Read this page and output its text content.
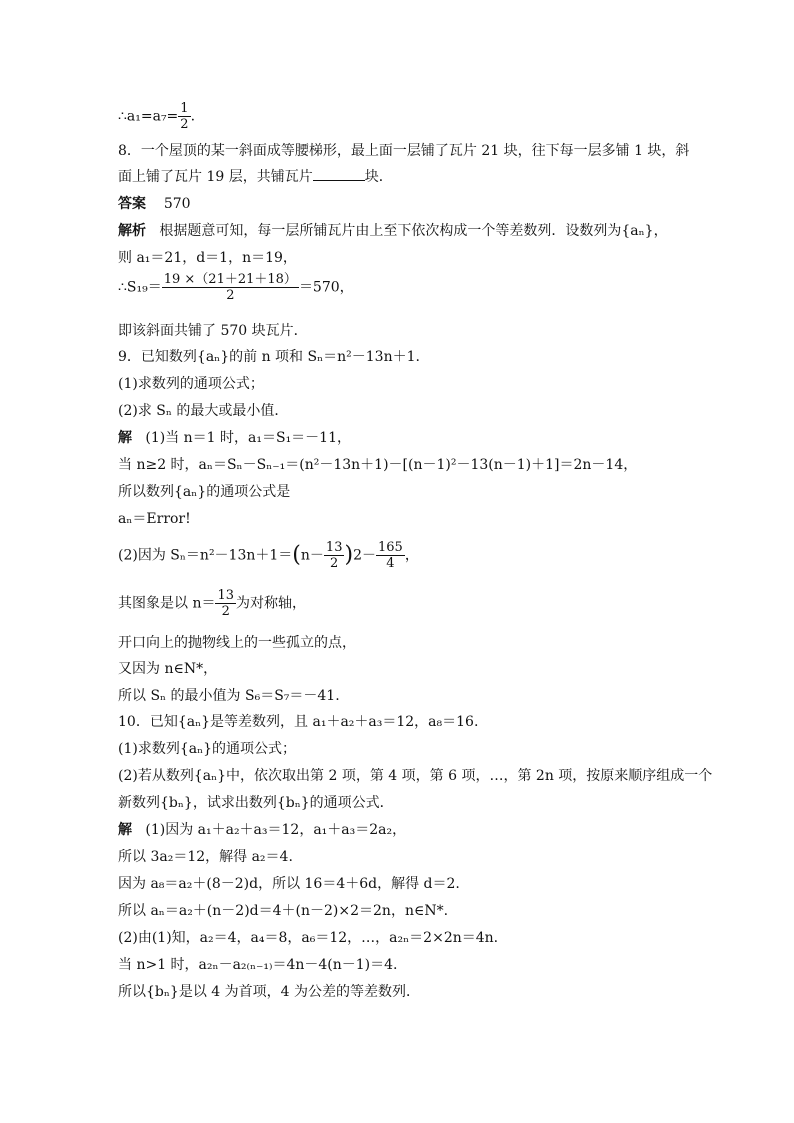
∴a₁=a₇= $\frac{1}{2}$ .
8．一个屋顶的某一斜面成等腰梯形，最上面一层铺了瓦片 21 块，往下每一层多铺 1 块，斜
面上铺了瓦片 19 层，共铺瓦片	块．
答案 570
解析 根据题意可知，每一层所铺瓦片由上至下依次构成一个等差数列．设数列为{aₙ}，
则 a₁＝21，d＝1，n＝19，
∴S₁₉＝ $\frac{19 \times(21+21+18)}{2} =570$，
即该斜面共铺了 570 块瓦片．
9．已知数列{aₙ}的前 n 项和 Sₙ＝n²－13n＋1.
(1)求数列的通项公式；
(2)求 Sₙ 的最大或最小值．
解 (1)当 n＝1 时，a₁＝S₁＝－11，
当 n≥2 时，aₙ＝Sₙ－Sₙ₋₁＝(n²－13n＋1)－[(n－1)²－13(n－1)＋1]＝2n－14，
所以数列{aₙ}的通项公式是
aₙ＝Error!
(2)因为 $S_n=n^2-13n+1=(n- \frac{13}{2} )2- \frac{165}{4}$ ，
其图象是以 $n= \frac{13}{2}$ 为对称轴，
开口向上的抛物线上的一些孤立的点，
又因为 n∈N*，
所以 Sₙ 的最小值为 S₆＝S₇＝－41.
10．已知{aₙ}是等差数列，且 a₁＋a₂＋a₃＝12，a₈＝16.
(1)求数列{aₙ}的通项公式；
(2)若从数列{aₙ}中，依次取出第 2 项，第 4 项，第 6 项，…，第 2n 项，按原来顺序组成一个
新数列{bₙ}，试求出数列{bₙ}的通项公式．
解 (1)因为 a₁＋a₂＋a₃＝12，a₁＋a₃＝2a₂，
所以 3a₂＝12，解得 a₂＝4.
因为 a₈＝a₂＋(8－2)d，所以 16＝4＋6d，解得 d＝2.
所以 aₙ＝a₂＋(n－2)d＝4＋(n－2)×2＝2n，n∈N*.
(2)由(1)知，a₂＝4，a₄＝8，a₆＝12，…，a₂ₙ＝2×2n＝4n.
当 n>1 时，a₂ₙ－a₂₍ₙ₋₁₎＝4n－4(n－1)＝4.
所以{bₙ}是以 4 为首项，4 为公差的等差数列．
